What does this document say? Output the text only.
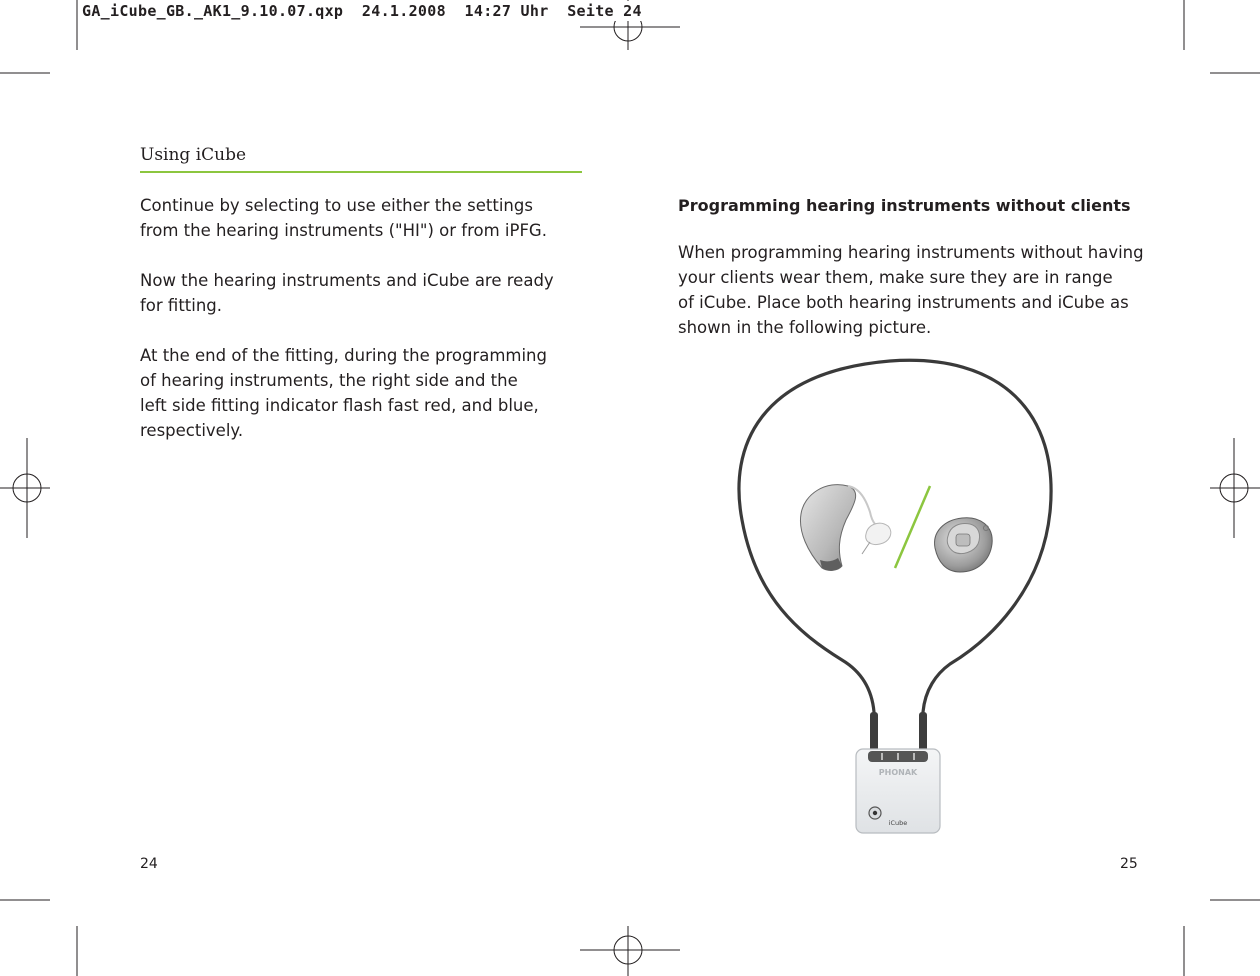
GA_iCube_GB._AK1_9.10.07.qxp  24.1.2008  14:27 Uhr  Seite 24
Using iCube

Continue by selecting to use either the settings
from the hearing instruments ("HI") or from iPFG.

Now the hearing instruments and iCube are ready
for fitting.

At the end of the fitting, during the programming
of hearing instruments, the right side and the
left side fitting indicator flash fast red, and blue,
respectively.

24

Programming hearing instruments without clients

When programming hearing instruments without having
your clients wear them, make sure they are in range
of iCube. Place both hearing instruments and iCube as
shown in the following picture.

25
PHONAK
iCube
